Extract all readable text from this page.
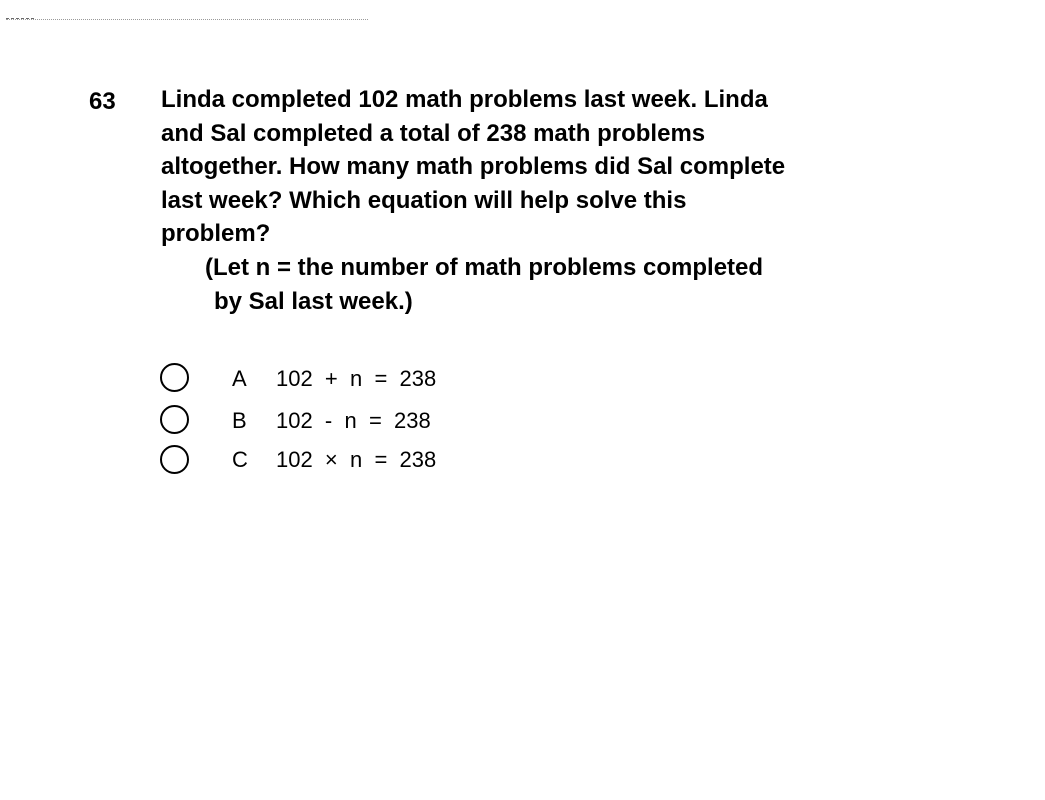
63 Linda completed 102 math problems last week. Linda
and Sal completed a total of 238 math problems
altogether. How many math problems did Sal complete
last week? Which equation will help solve this
problem?
(Let n = the number of math problems completed
by Sal last week.)
A 102  +  n  =  238
B 102  -  n  =  238
C 102  ×  n  =  238
